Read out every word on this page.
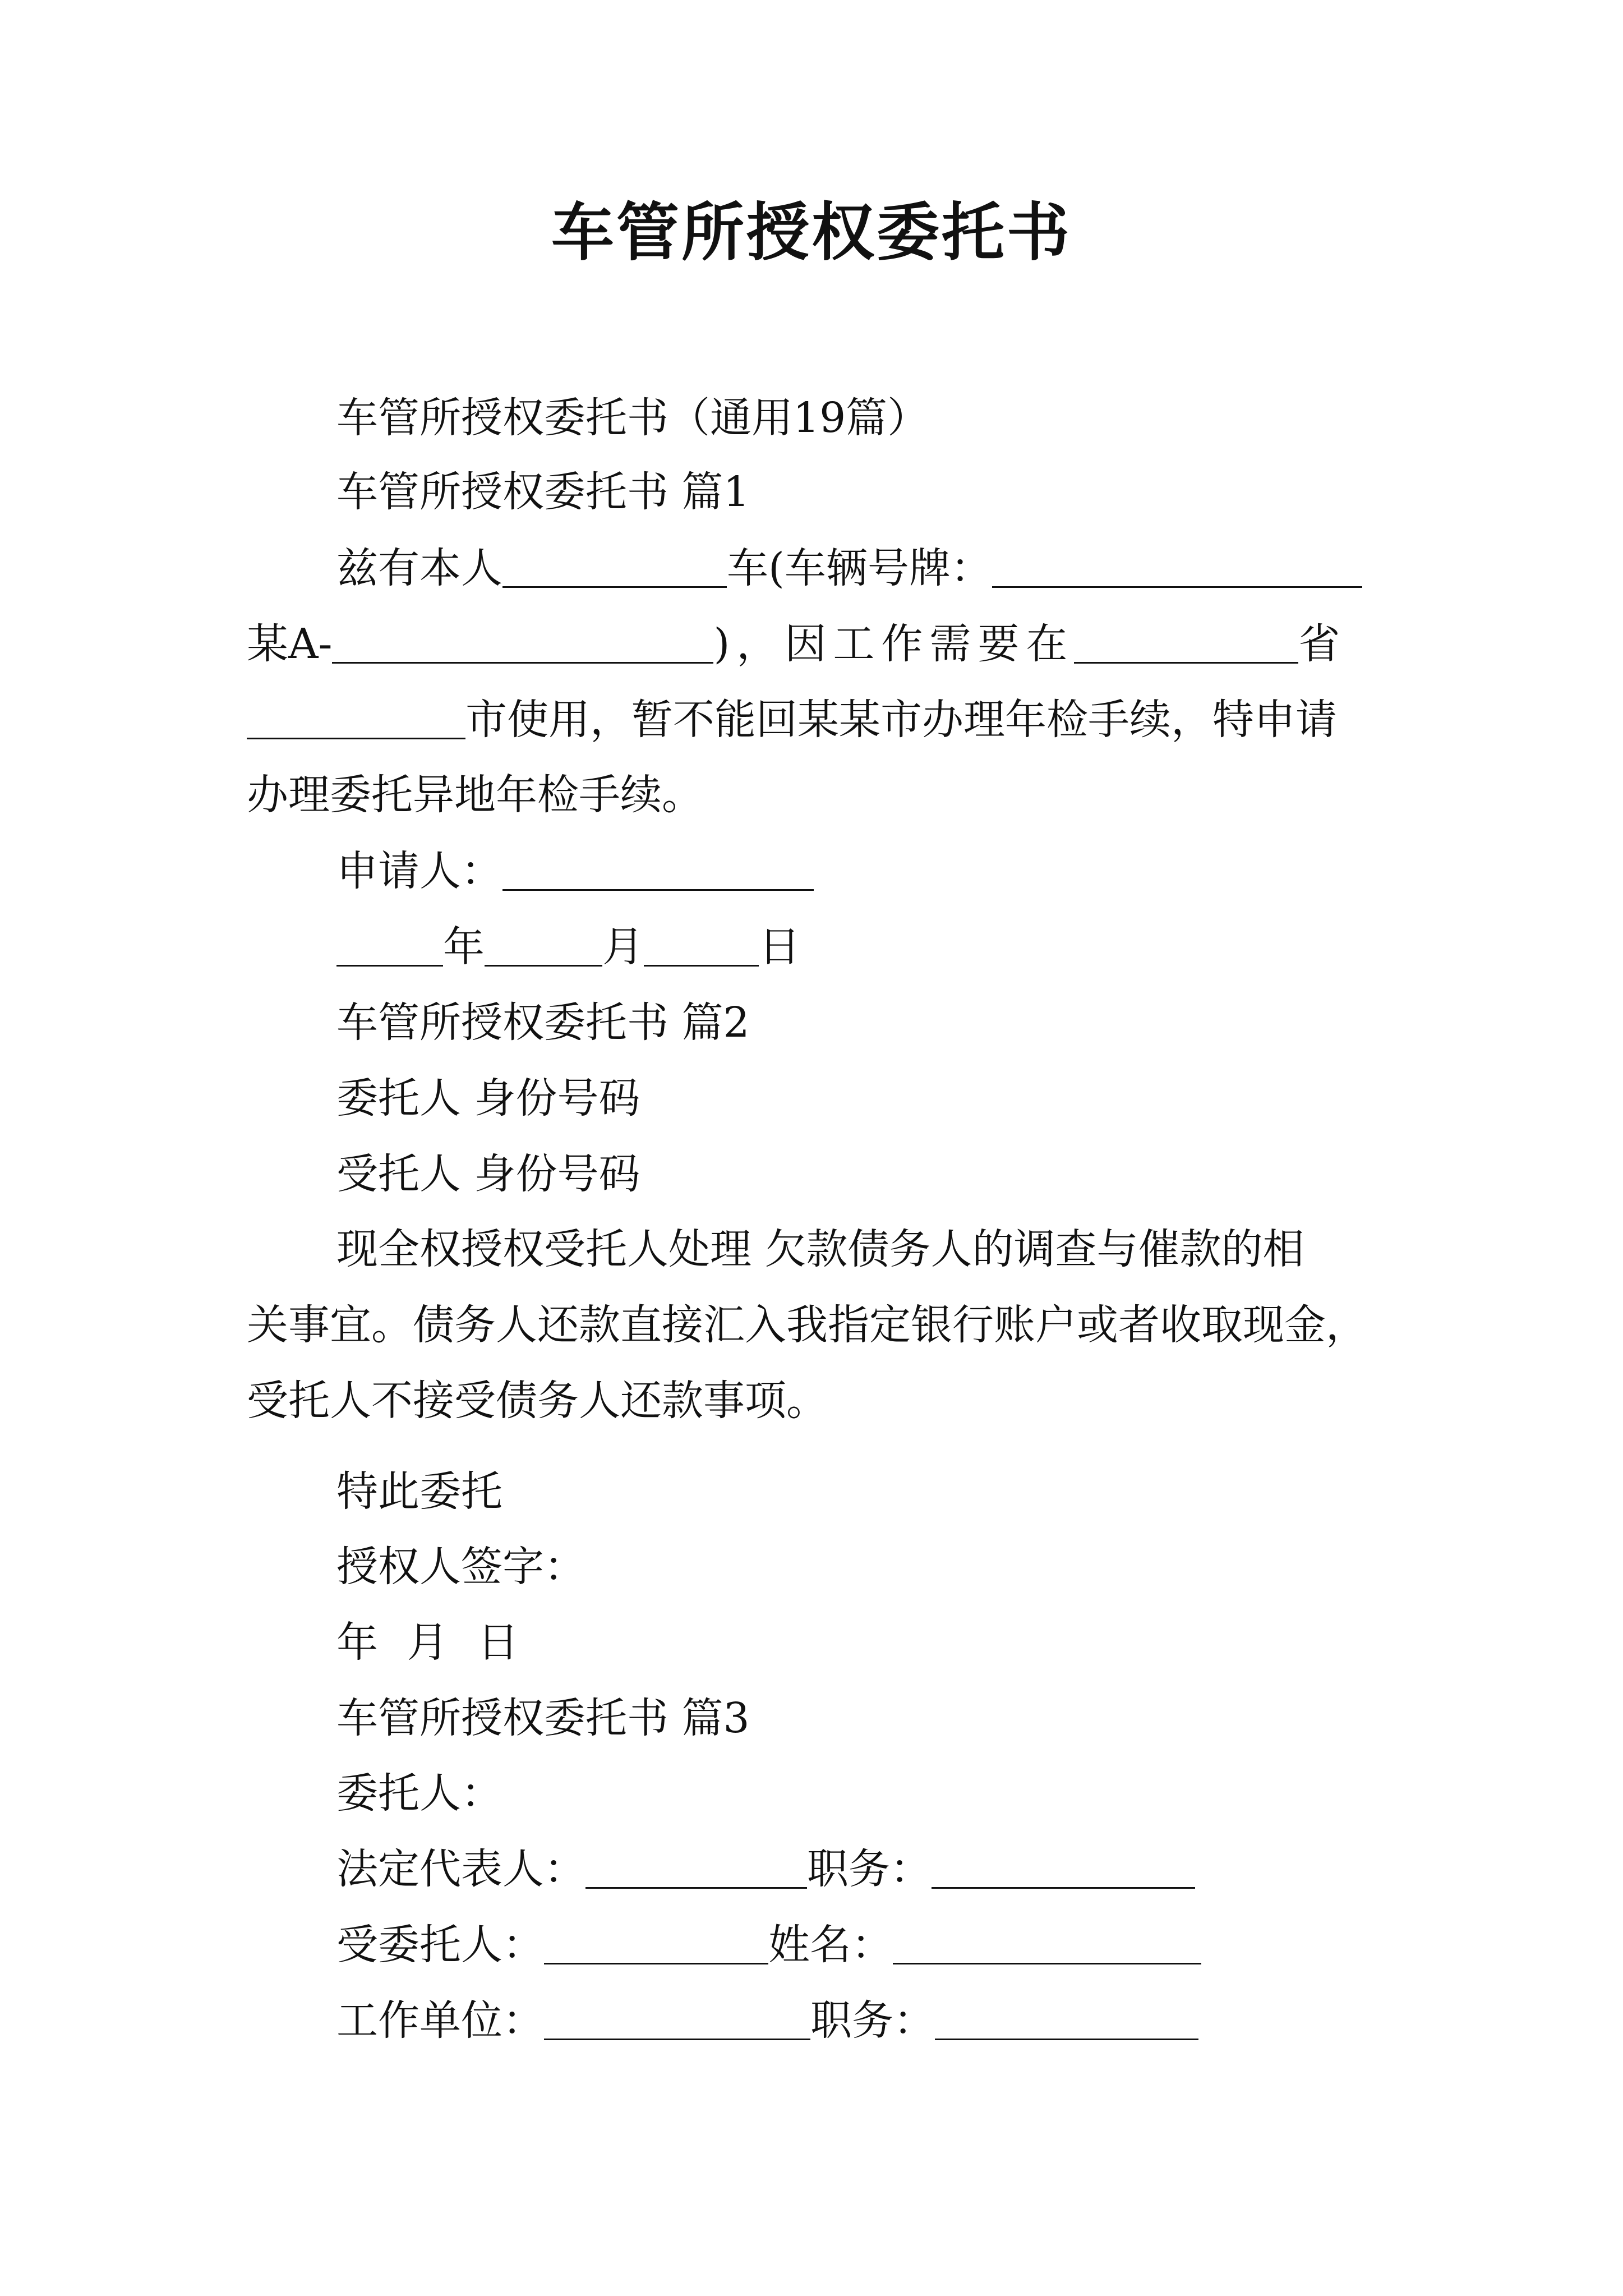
车管所授权委托书
车管所授权委托书（通用19篇）
车管所授权委托书 篇1
兹有本人	车(车辆号牌：
某A-	)，因工作需要在	省
市使用，暂不能回某某市办理年检手续，特申请
办理委托异地年检手续。
申请人：
年	月	日
车管所授权委托书 篇2
委托人 身份号码
受托人 身份号码
现全权授权受托人处理 欠款债务人的调查与催款的相
关事宜。债务人还款直接汇入我指定银行账户或者收取现金，
受托人不接受债务人还款事项。
特此委托
授权人签字：
年 月 日
车管所授权委托书 篇3
委托人：
法定代表人：	职务：
受委托人：	姓名：
工作单位：	职务：
